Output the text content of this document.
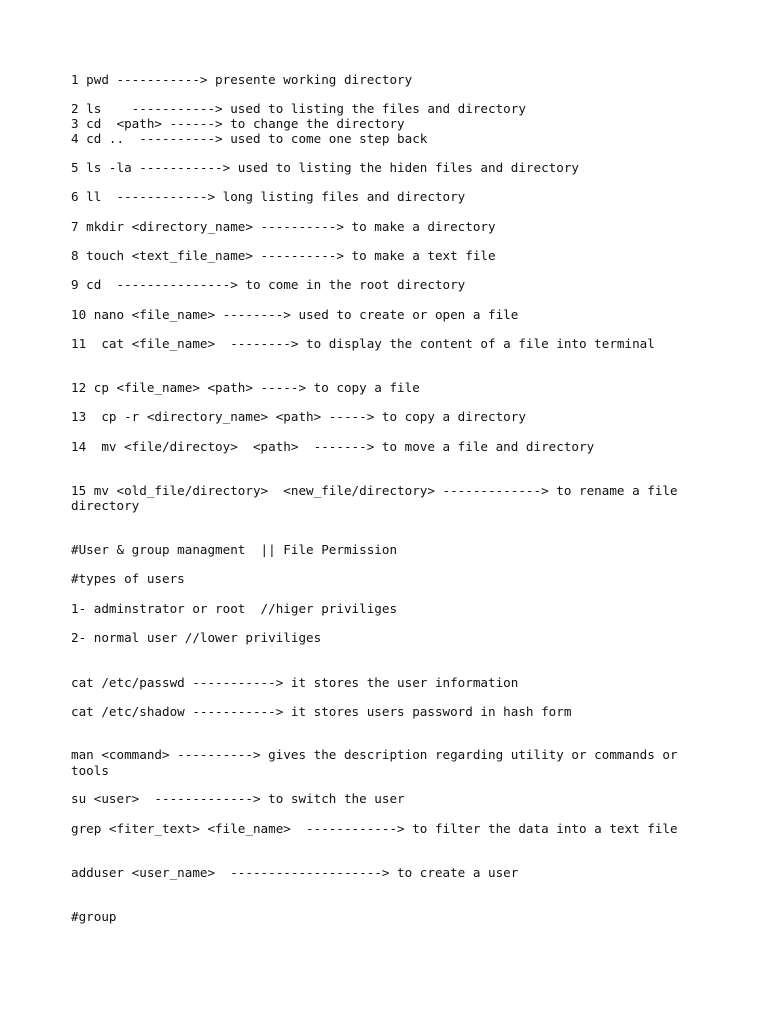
1 pwd -----------> presente working directory

2 ls    -----------> used to listing the files and directory

3 cd  <path> ------> to change the directory

4 cd ..  ----------> used to come one step back

5 ls -la -----------> used to listing the hiden files and directory

6 ll  ------------> long listing files and directory

7 mkdir <directory_name> ----------> to make a directory

8 touch <text_file_name> ----------> to make a text file

9 cd  ---------------> to come in the root directory

10 nano <file_name> --------> used to create or open a file

11  cat <file_name>  --------> to display the content of a file into terminal

12 cp <file_name> <path> -----> to copy a file

13  cp -r <directory_name> <path> -----> to copy a directory

14  mv <file/directoy>  <path>  -------> to move a file and directory

15 mv <old_file/directory>  <new_file/directory> -------------> to rename a file

directory

#User & group managment  || File Permission

#types of users

1- adminstrator or root  //higer priviliges

2- normal user //lower priviliges

cat /etc/passwd -----------> it stores the user information

cat /etc/shadow -----------> it stores users password in hash form

man <command> ----------> gives the description regarding utility or commands or

tools

su <user>  -------------> to switch the user

grep <fiter_text> <file_name>  ------------> to filter the data into a text file

adduser <user_name>  --------------------> to create a user

#group
